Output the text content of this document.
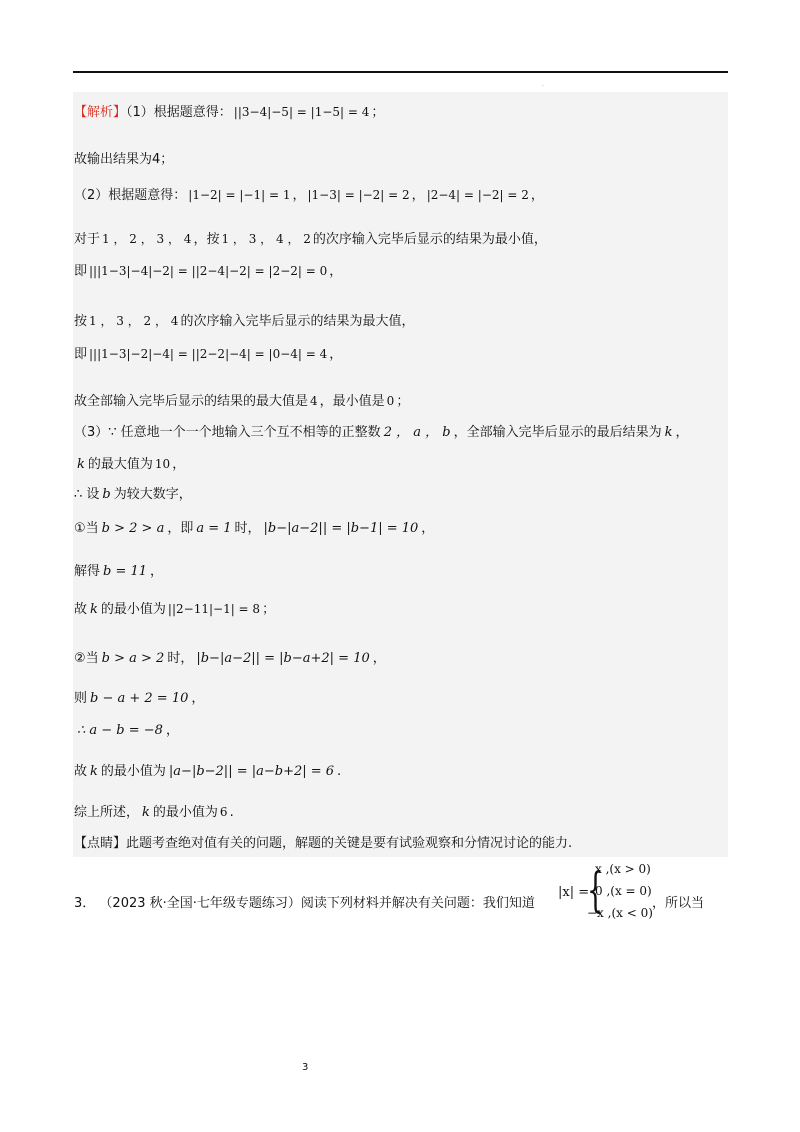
·
【解析】（1）根据题意得： ||3−4|−5| = |1−5| = 4 ；
故输出结果为4；
（2）根据题意得： |1−2| = |−1| = 1 ， |1−3| = |−2| = 2 ， |2−4| = |−2| = 2 ，
对于 1 ， 2 ， 3 ， 4 ，按 1 ， 3 ， 4 ， 2 的次序输入完毕后显示的结果为最小值，
即 |||1−3|−4|−2| = ||2−4|−2| = |2−2| = 0 ，
按 1 ， 3 ， 2 ， 4 的次序输入完毕后显示的结果为最大值，
即 |||1−3|−2|−4| = ||2−2|−4| = |0−4| = 4 ，
故全部输入完毕后显示的结果的最大值是 4 ，最小值是 0 ；
（3）∵ 任意地一个一个地输入三个互不相等的正整数 2 ， a ， b ，全部输入完毕后显示的最后结果为 k ，
k 的最大值为 10 ，
∴ 设 b 为较大数字，
①当 b > 2 > a ，即 a = 1 时， |b−|a−2|| = |b−1| = 10 ，
解得 b = 11 ，
故 k 的最小值为 ||2−11|−1| = 8 ；
②当 b > a > 2 时， |b−|a−2|| = |b−a+2| = 10 ，
则 b − a + 2 = 10 ，
∴ a − b = −8 ，
故 k 的最小值为 |a−|b−2|| = |a−b+2| = 6 .
综上所述， k 的最小值为 6 .
【点睛】此题考查绝对值有关的问题，解题的关键是要有试验观察和分情况讨论的能力.
3． （2023 秋·全国·七年级专题练习）阅读下列材料并解决有关问题：我们知道
|x| =
{
x ,(x > 0)
0 ,(x = 0)
−x ,(x < 0)
，所以当
3
